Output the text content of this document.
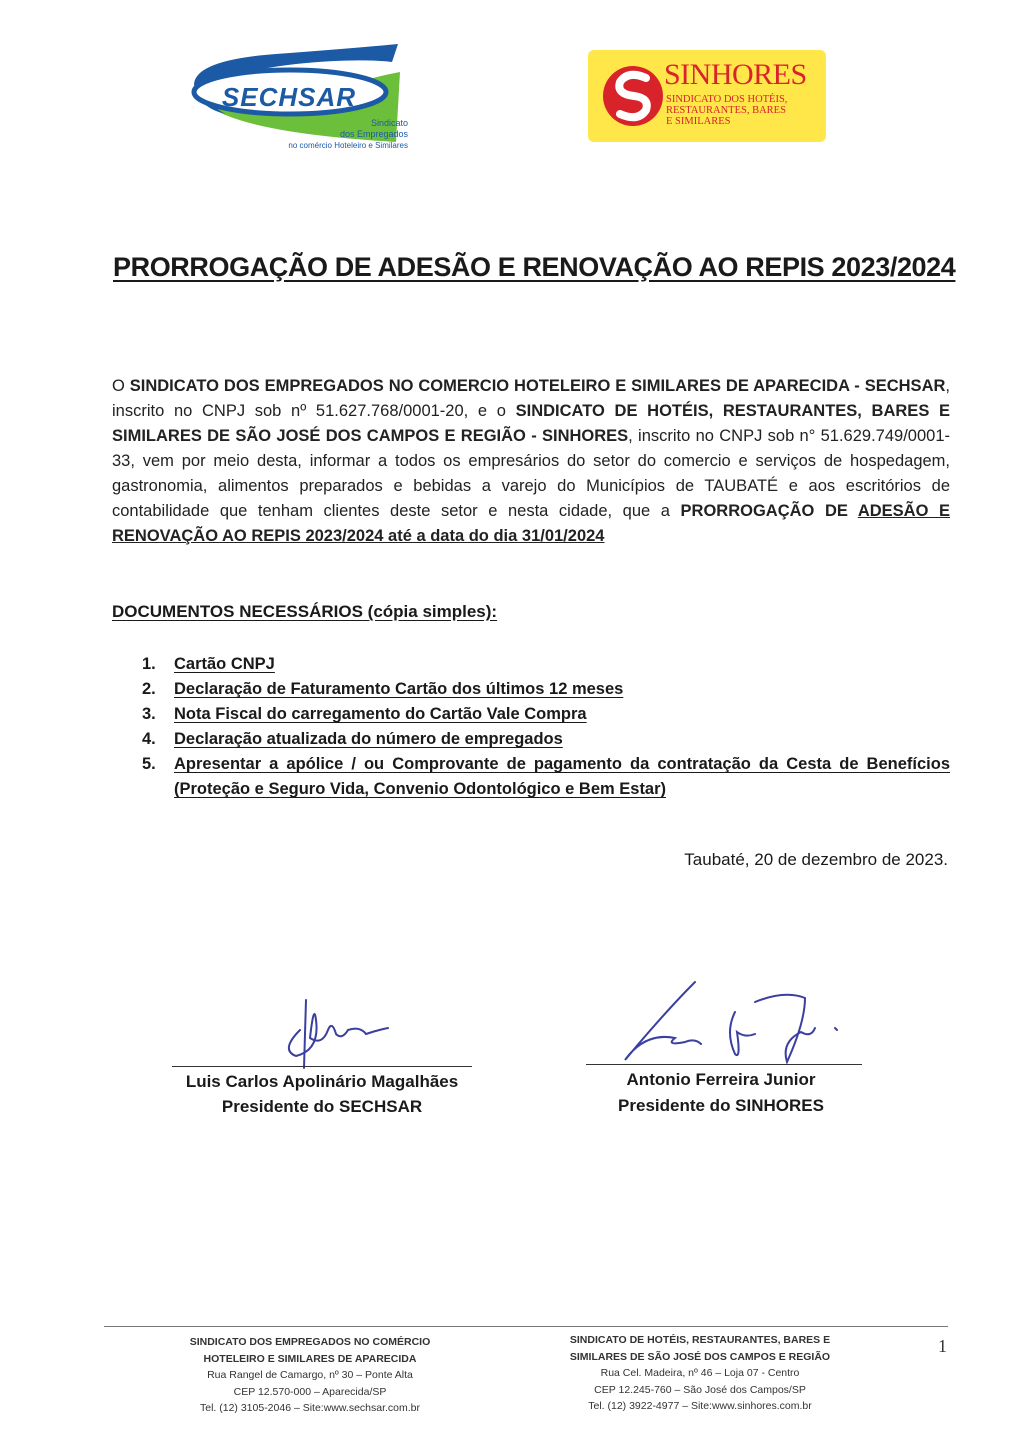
SECHSAR
Sindicato
dos Empregados
no comércio Hoteleiro e Similares
SINHORES
SINDICATO DOS HOTÉIS,
RESTAURANTES, BARES
E SIMILARES
PRORROGAÇÃO DE ADESÃO E RENOVAÇÃO AO REPIS 2023/2024
O SINDICATO DOS EMPREGADOS NO COMERCIO HOTELEIRO E SIMILARES DE APARECIDA - SECHSAR, inscrito no CNPJ sob nº 51.627.768/0001-20, e o SINDICATO DE HOTÉIS, RESTAURANTES, BARES E SIMILARES DE SÃO JOSÉ DOS CAMPOS E REGIÃO - SINHORES, inscrito no CNPJ sob n° 51.629.749/0001-33, vem por meio desta, informar a todos os empresários do setor do comercio e serviços de hospedagem, gastronomia, alimentos preparados e bebidas a varejo do Municípios de TAUBATÉ e aos escritórios de contabilidade que tenham clientes deste setor e nesta cidade, que a PRORROGAÇÃO DE ADESÃO E RENOVAÇÃO AO REPIS 2023/2024 até a data do dia 31/01/2024
DOCUMENTOS NECESSÁRIOS (cópia simples):
1. Cartão CNPJ
2. Declaração de Faturamento Cartão dos últimos 12 meses
3. Nota Fiscal do carregamento do Cartão Vale Compra
4. Declaração atualizada do número de empregados
5. Apresentar a apólice / ou Comprovante de pagamento da contratação da Cesta de Benefícios (Proteção e Seguro Vida, Convenio Odontológico e Bem Estar)
Taubaté, 20 de dezembro de 2023.
Luis Carlos Apolinário Magalhães
Presidente do SECHSAR
Antonio Ferreira Junior
Presidente do SINHORES
SINDICATO DOS EMPREGADOS NO COMÉRCIO
HOTELEIRO E SIMILARES DE APARECIDA
Rua Rangel de Camargo, nº 30 – Ponte Alta
CEP 12.570-000 – Aparecida/SP
Tel. (12) 3105-2046 – Site:www.sechsar.com.br
SINDICATO DE HOTÉIS, RESTAURANTES, BARES E
SIMILARES DE SÃO JOSÉ DOS CAMPOS E REGIÃO
Rua Cel. Madeira, nº 46 – Loja 07 - Centro
CEP 12.245-760 – São José dos Campos/SP
Tel. (12) 3922-4977 – Site:www.sinhores.com.br
1
